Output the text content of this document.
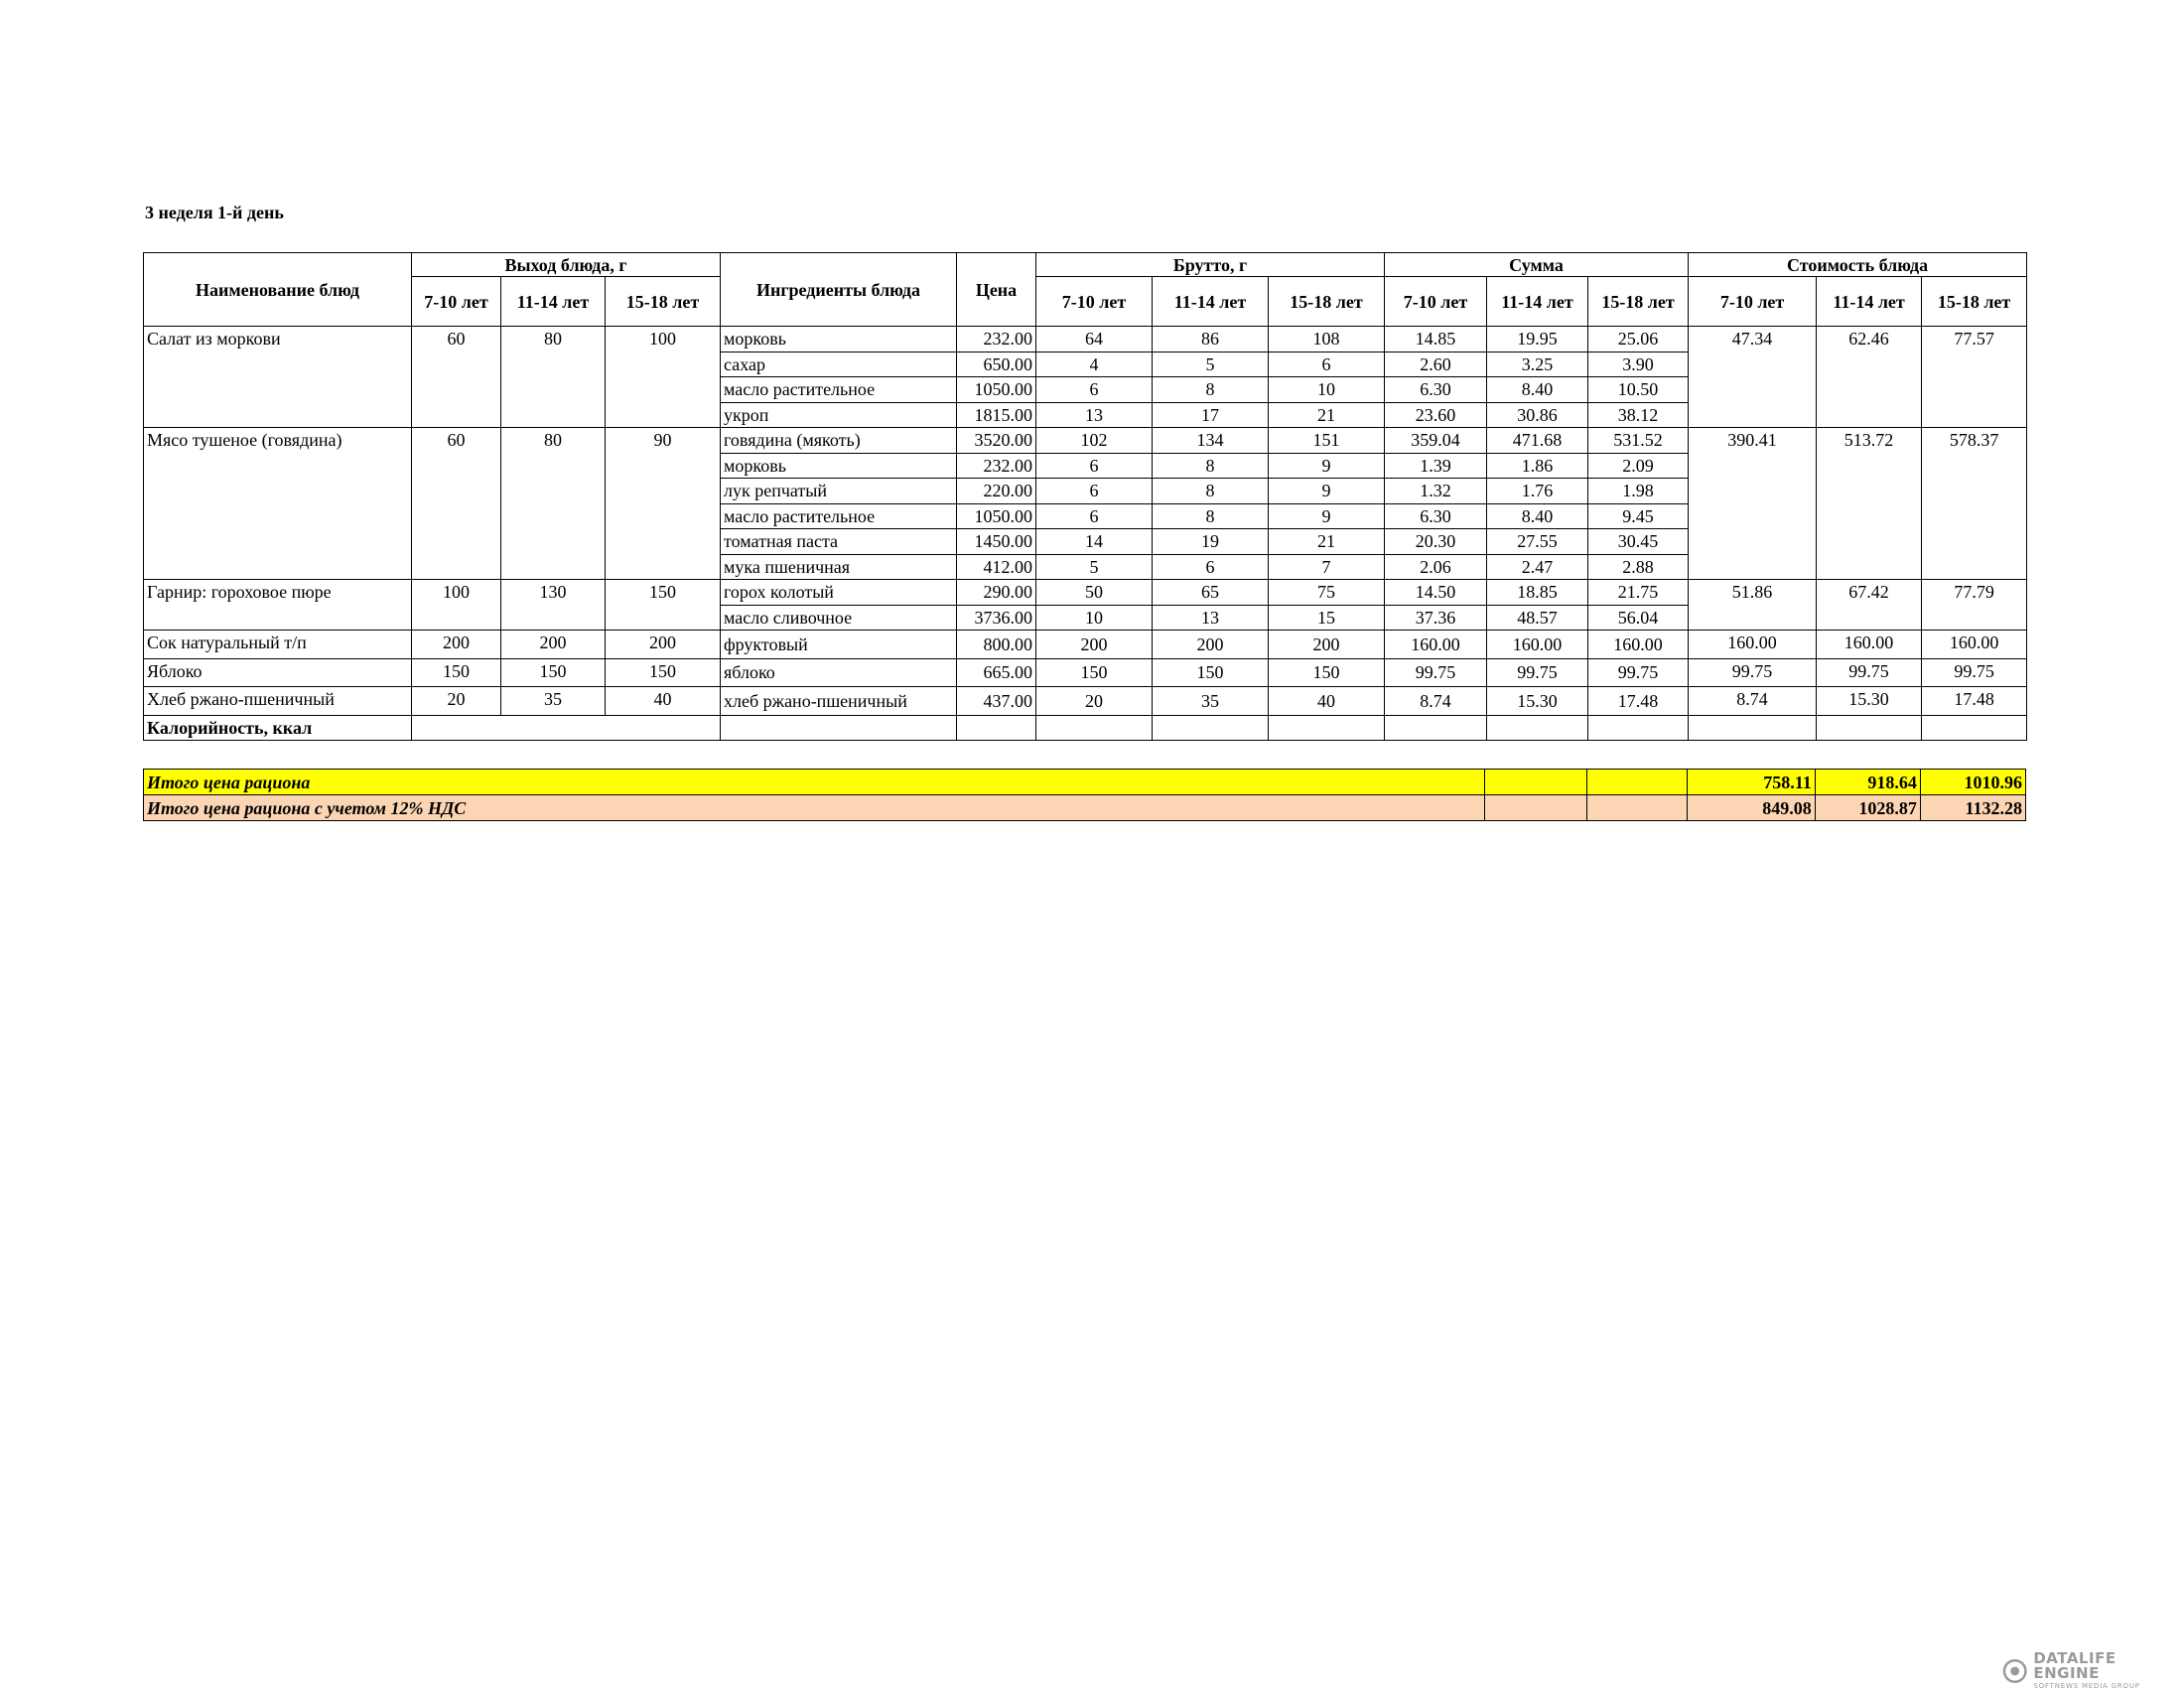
3 неделя 1-й день
Наименование блюд	Выход блюда, г			Ингредиенты блюда	Цена	Брутто, г			Сумма			Стоимость блюда		
	7-10 лет	11-14 лет	15-18 лет			7-10 лет	11-14 лет	15-18 лет	7-10 лет	11-14 лет	15-18 лет	7-10 лет	11-14 лет	15-18 лет
Салат из моркови	60	80	100	морковь	232.00	64	86	108	14.85	19.95	25.06	47.34	62.46	77.57
				сахар	650.00	4	5	6	2.60	3.25	3.90			
				масло растительное	1050.00	6	8	10	6.30	8.40	10.50			
				укроп	1815.00	13	17	21	23.60	30.86	38.12			
Мясо тушеное (говядина)	60	80	90	говядина (мякоть)	3520.00	102	134	151	359.04	471.68	531.52	390.41	513.72	578.37
				морковь	232.00	6	8	9	1.39	1.86	2.09			
				лук репчатый	220.00	6	8	9	1.32	1.76	1.98			
				масло растительное	1050.00	6	8	9	6.30	8.40	9.45			
				томатная паста	1450.00	14	19	21	20.30	27.55	30.45			
				мука пшеничная	412.00	5	6	7	2.06	2.47	2.88			
Гарнир: гороховое пюре	100	130	150	горох колотый	290.00	50	65	75	14.50	18.85	21.75	51.86	67.42	77.79
				масло сливочное	3736.00	10	13	15	37.36	48.57	56.04			
Сок натуральный т/п	200	200	200	фруктовый	800.00	200	200	200	160.00	160.00	160.00	160.00	160.00	160.00
Яблоко	150	150	150	яблоко	665.00	150	150	150	99.75	99.75	99.75	99.75	99.75	99.75
Хлеб ржано-пшеничный	20	35	40	хлеб ржано-пшеничный	437.00	20	35	40	8.74	15.30	17.48	8.74	15.30	17.48
Калорийность, ккал														
Итого цена рациона			758.11	918.64	1010.96
Итого цена рациона с учетом 12% НДС			849.08	1028.87	1132.28
DATALIFE ENGINE
SOFTNEWS MEDIA GROUP
